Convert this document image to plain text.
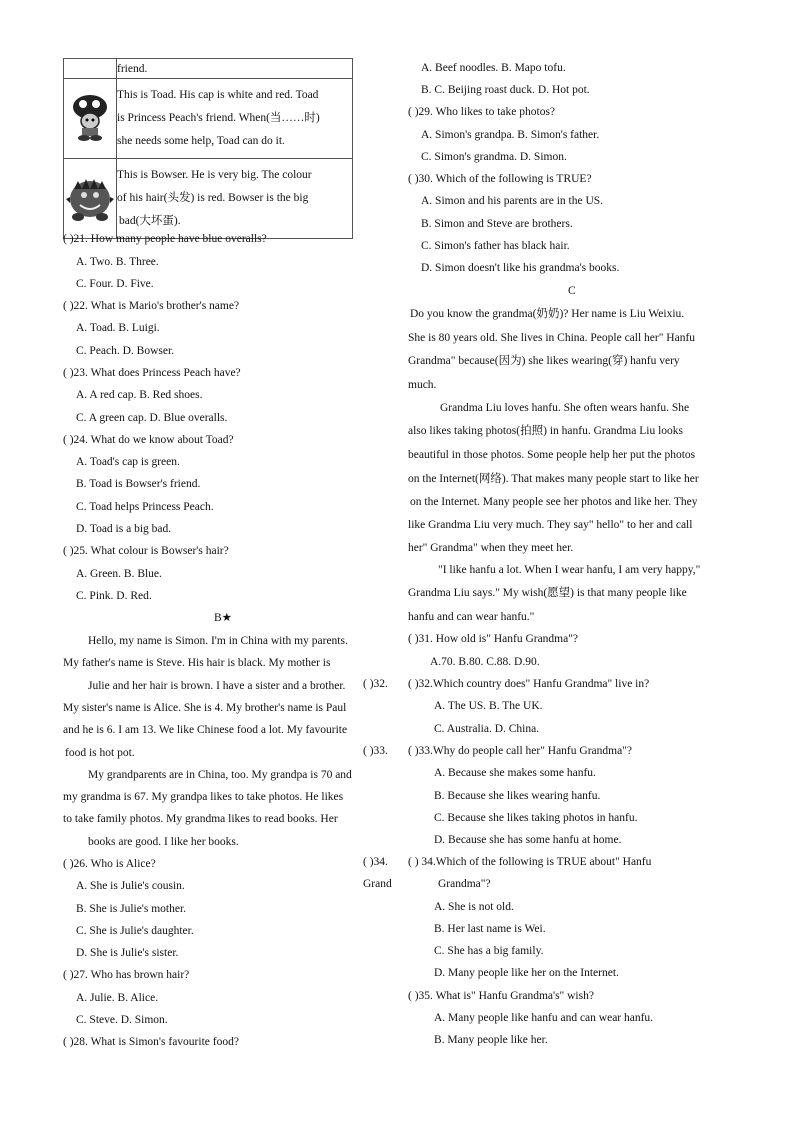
	friend.

This is Toad. His cap is white and red. Toad
is Princess Peach's friend. When(当……时)
she needs some help, Toad can do it.

This is Bowser. He is very big. The colour
of his hair(头发) is red. Bowser is the big
bad(大坏蛋).
( )21. How many people have blue overalls?
A. Two. B. Three.
C. Four. D. Five.
( )22. What is Mario's brother's name?
A. Toad. B. Luigi.
C. Peach. D. Bowser.
( )23. What does Princess Peach have?
A. A red cap. B. Red shoes.
C. A green cap. D. Blue overalls.
( )24. What do we know about Toad?
A. Toad's cap is green.
B. Toad is Bowser's friend.
C. Toad helps Princess Peach.
D. Toad is a big bad.
( )25. What colour is Bowser's hair?
A. Green. B. Blue.
C. Pink. D. Red.
B★
Hello, my name is Simon. I'm in China with my parents.
My father's name is Steve. His hair is black. My mother is
Julie and her hair is brown. I have a sister and a brother.
My sister's name is Alice. She is 4. My brother's name is Paul
and he is 6. I am 13. We like Chinese food a lot. My favourite
food is hot pot.
My grandparents are in China, too. My grandpa is 70 and
my grandma is 67. My grandpa likes to take photos. He likes
to take family photos. My grandma likes to read books. Her
books are good. I like her books.
( )32.
( )33.
( )34.
Grand
( )26. Who is Alice?
A. She is Julie's cousin.
B. She is Julie's mother.
C. She is Julie's daughter.
D. She is Julie's sister.
( )27. Who has brown hair?
A. Julie. B. Alice.
C. Steve. D. Simon.
( )28. What is Simon's favourite food?
A. Beef noodles. B. Mapo tofu.
B. C. Beijing roast duck. D. Hot pot.
( )29. Who likes to take photos?
A. Simon's grandpa. B. Simon's father.
C. Simon's grandma. D. Simon.
( )30. Which of the following is TRUE?
A. Simon and his parents are in the US.
B. Simon and Steve are brothers.
C. Simon's father has black hair.
D. Simon doesn't like his grandma's books.
C
Do you know the grandma(奶奶)? Her name is Liu Weixiu.
She is 80 years old. She lives in China. People call her" Hanfu
Grandma" because(因为) she likes wearing(穿) hanfu very
much.
Grandma Liu loves hanfu. She often wears hanfu. She
also likes taking photos(拍照) in hanfu. Grandma Liu looks
beautiful in those photos. Some people help her put the photos
on the Internet(网络). That makes many people start to like her
on the Internet. Many people see her photos and like her. They
like Grandma Liu very much. They say" hello" to her and call
her" Grandma" when they meet her.
"I like hanfu a lot. When I wear hanfu, I am very happy,"
Grandma Liu says." My wish(愿望) is that many people like
hanfu and can wear hanfu."
( )31. How old is" Hanfu Grandma"?
A.70. B.80. C.88. D.90.
( )32.Which country does" Hanfu Grandma" live in?
A. The US. B. The UK.
C. Australia. D. China.
( )33.Why do people call her" Hanfu Grandma"?
A. Because she makes some hanfu.
B. Because she likes wearing hanfu.
C. Because she likes taking photos in hanfu.
D. Because she has some hanfu at home.
( ) 34.Which of the following is TRUE about" Hanfu
Grandma"?
A. She is not old.
B. Her last name is Wei.
C. She has a big family.
D. Many people like her on the Internet.
( )35. What is" Hanfu Grandma's" wish?
A. Many people like hanfu and can wear hanfu.
B. Many people like her.
